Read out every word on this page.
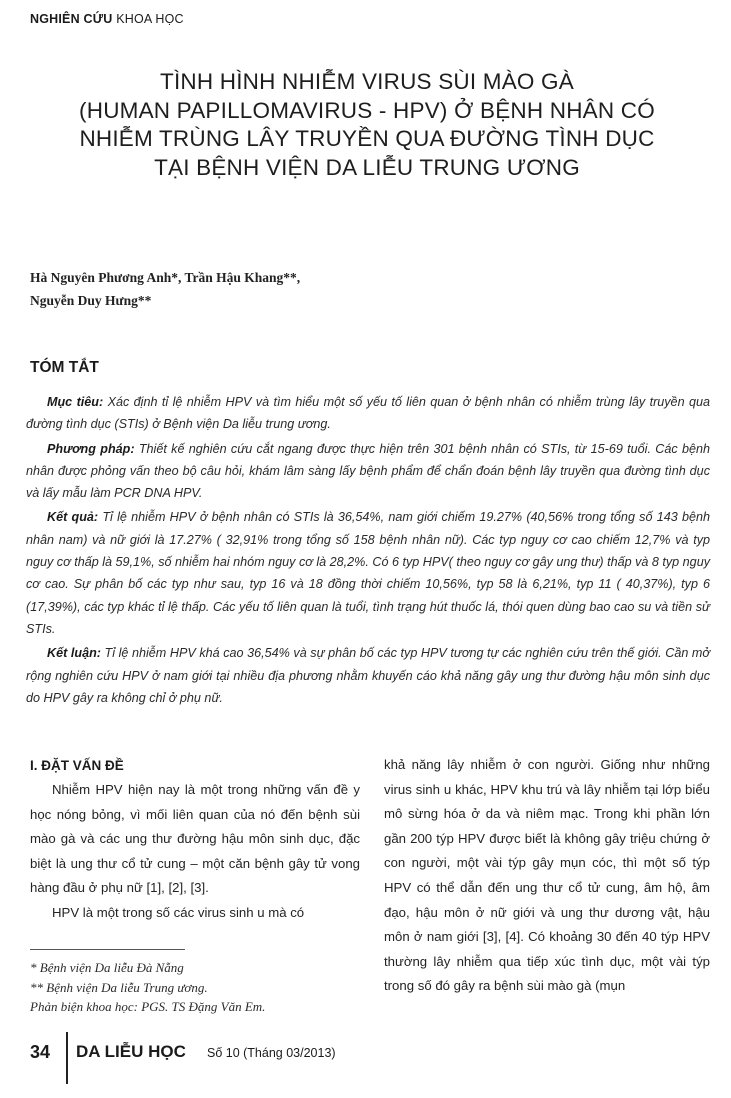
NGHIÊN CỨU KHOA HỌC
TÌNH HÌNH NHIỄM VIRUS SÙI MÀO GÀ
(HUMAN PAPILLOMAVIRUS - HPV) Ở BỆNH NHÂN CÓ
NHIỄM TRÙNG LÂY TRUYỀN QUA ĐƯỜNG TÌNH DỤC
TẠI BỆNH VIỆN DA LIỄU TRUNG ƯƠNG
Hà Nguyên Phương Anh*, Trần Hậu Khang**,
Nguyễn Duy Hưng**
TÓM TẮT

Mục tiêu: Xác định tỉ lệ nhiễm HPV và tìm hiểu một số yếu tố liên quan ở bệnh nhân có nhiễm trùng lây truyền qua đường tình dục (STIs) ở Bệnh viện Da liễu trung ương.

Phương pháp: Thiết kế nghiên cứu cắt ngang được thực hiện trên 301 bệnh nhân có STIs, từ 15-69 tuổi. Các bệnh nhân được phỏng vấn theo bộ câu hỏi, khám lâm sàng lấy bệnh phẩm để chẩn đoán bệnh lây truyền qua đường tình dục và lấy mẫu làm PCR DNA HPV.

Kết quả: Tỉ lệ nhiễm HPV ở bệnh nhân có STIs là 36,54%, nam giới chiếm 19.27% (40,56% trong tổng số 143 bệnh nhân nam) và nữ giới là 17.27% ( 32,91% trong tổng số 158 bệnh nhân nữ). Các typ nguy cơ cao chiếm 12,7% và typ nguy cơ thấp là 59,1%, số nhiễm hai nhóm nguy cơ là 28,2%. Có 6 typ HPV( theo nguy cơ gây ung thư) thấp và 8 typ nguy cơ cao. Sự phân bố các typ như sau, typ 16 và 18 đồng thời chiếm 10,56%, typ 58 là 6,21%, typ 11 ( 40,37%), typ 6 (17,39%), các typ khác tỉ lệ thấp. Các yếu tố liên quan là tuổi, tình trạng hút thuốc lá, thói quen dùng bao cao su và tiền sử STIs.

Kết luận: Tỉ lệ nhiễm HPV khá cao 36,54% và sự phân bố các typ HPV tương tự các nghiên cứu trên thế giới. Cần mở rộng nghiên cứu HPV ở nam giới tại nhiều địa phương nhằm khuyến cáo khả năng gây ung thư đường hậu môn sinh dục do HPV gây ra không chỉ ở phụ nữ.

I. ĐẶT VẤN ĐỀ

Nhiễm HPV hiện nay là một trong những vấn đề y học nóng bỏng, vì mối liên quan của nó đến bệnh sùi mào gà và các ung thư đường hậu môn sinh dục, đặc biệt là ung thư cổ tử cung – một căn bệnh gây tử vong hàng đầu ở phụ nữ [1], [2], [3].

HPV là một trong số các virus sinh u mà có

khả năng lây nhiễm ở con người. Giống như những virus sinh u khác, HPV khu trú và lây nhiễm tại lớp biểu mô sừng hóa ở da và niêm mạc. Trong khi phần lớn gần 200 týp HPV được biết là không gây triệu chứng ở con người, một vài týp gây mụn cóc, thì một số týp HPV có thể dẫn đến ung thư cổ tử cung, âm hộ, âm đạo, hậu môn ở nữ giới và ung thư dương vật, hậu môn ở nam giới [3], [4]. Có khoảng 30 đến 40 týp HPV thường lây nhiễm qua tiếp xúc tình dục, một vài týp trong số đó gây ra bệnh sùi mào gà (mụn

* Bệnh viện Da liễu Đà Nẵng
** Bệnh viện Da liễu Trung ương.
Phản biện khoa học: PGS. TS Đặng Văn Em.
34 DA LIỄU HỌC Số 10 (Tháng 03/2013)
